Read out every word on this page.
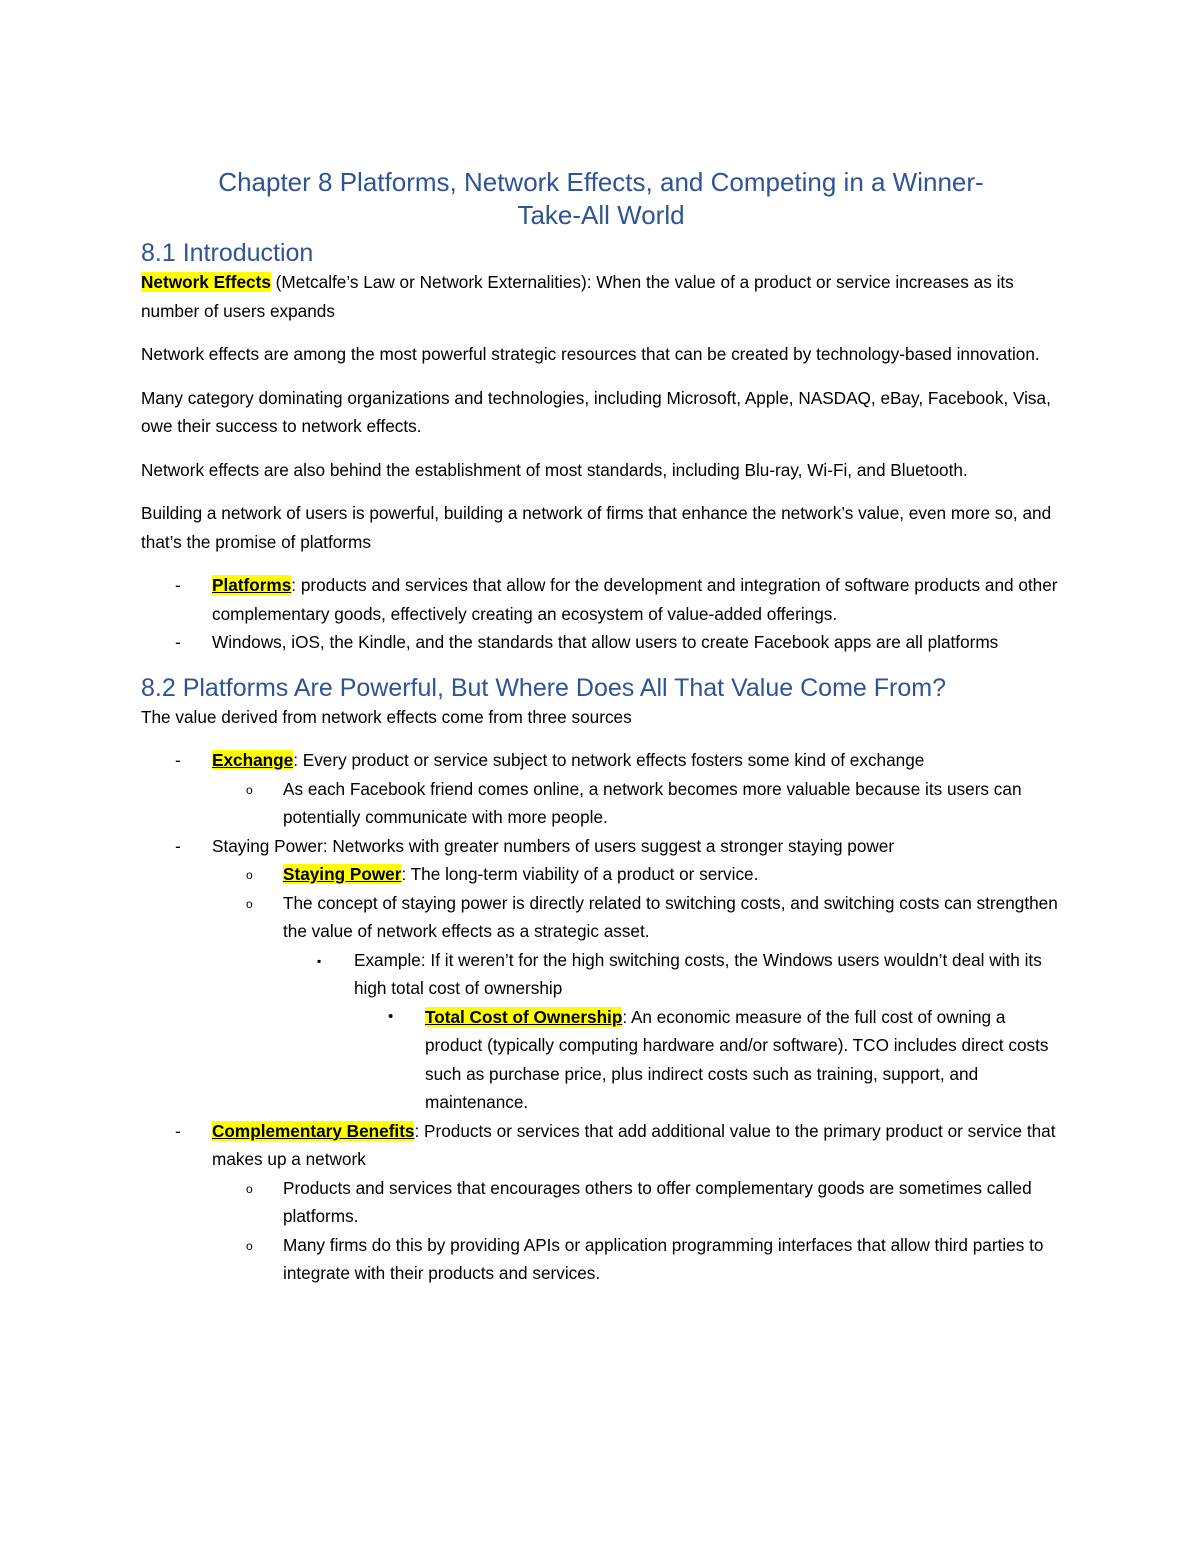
Chapter 8 Platforms, Network Effects, and Competing in a Winner-
Take-All World
8.1 Introduction

Network Effects (Metcalfe’s Law or Network Externalities): When the value of a product or service increases as its number of users expands

Network effects are among the most powerful strategic resources that can be created by technology-based innovation.

Many category dominating organizations and technologies, including Microsoft, Apple, NASDAQ, eBay, Facebook, Visa, owe their success to network effects.

Network effects are also behind the establishment of most standards, including Blu-ray, Wi-Fi, and Bluetooth.

Building a network of users is powerful, building a network of firms that enhance the network’s value, even more so, and that’s the promise of platforms

- Platforms: products and services that allow for the development and integration of software products and other complementary goods, effectively creating an ecosystem of value-added offerings.
- Windows, iOS, the Kindle, and the standards that allow users to create Facebook apps are all platforms
8.2 Platforms Are Powerful, But Where Does All That Value Come From?

The value derived from network effects come from three sources

- Exchange: Every product or service subject to network effects fosters some kind of exchange
o As each Facebook friend comes online, a network becomes more valuable because its users can potentially communicate with more people.
- Staying Power: Networks with greater numbers of users suggest a stronger staying power
o Staying Power: The long-term viability of a product or service.
o The concept of staying power is directly related to switching costs, and switching costs can strengthen the value of network effects as a strategic asset.
▪ Example: If it weren’t for the high switching costs, the Windows users wouldn’t deal with its high total cost of ownership
• Total Cost of Ownership: An economic measure of the full cost of owning a product (typically computing hardware and/or software). TCO includes direct costs such as purchase price, plus indirect costs such as training, support, and maintenance.
- Complementary Benefits: Products or services that add additional value to the primary product or service that makes up a network
o Products and services that encourages others to offer complementary goods are sometimes called platforms.
o Many firms do this by providing APIs or application programming interfaces that allow third parties to integrate with their products and services.
